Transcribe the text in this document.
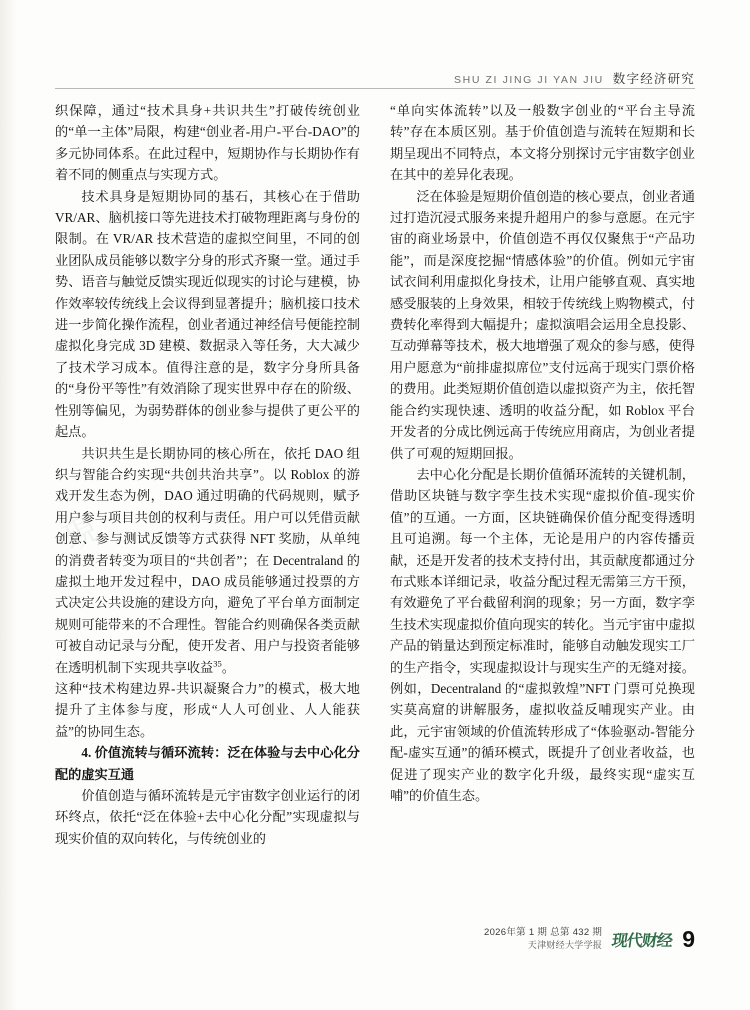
現
SHU ZI JING JI YAN JIU 数字经济研究

织保障，通过“技术具身+共识共生”打破传统创业的“单一主体”局限，构建“创业者-用户-平台-DAO”的多元协同体系。在此过程中，短期协作与长期协作有着不同的侧重点与实现方式。

技术具身是短期协同的基石，其核心在于借助 VR/AR、脑机接口等先进技术打破物理距离与身份的限制。在 VR/AR 技术营造的虚拟空间里，不同的创业团队成员能够以数字分身的形式齐聚一堂。通过手势、语音与触觉反馈实现近似现实的讨论与建模，协作效率较传统线上会议得到显著提升；脑机接口技术进一步简化操作流程，创业者通过神经信号便能控制虚拟化身完成 3D 建模、数据录入等任务，大大减少了技术学习成本。值得注意的是，数字分身所具备的“身份平等性”有效消除了现实世界中存在的阶级、性别等偏见，为弱势群体的创业参与提供了更公平的起点。

共识共生是长期协同的核心所在，依托 DAO 组织与智能合约实现“共创共治共享”。以 Roblox 的游戏开发生态为例，DAO 通过明确的代码规则，赋予用户参与项目共创的权利与责任。用户可以凭借贡献创意、参与测试反馈等方式获得 NFT 奖励，从单纯的消费者转变为项目的“共创者”；在 Decentraland 的虚拟土地开发过程中，DAO 成员能够通过投票的方式决定公共设施的建设方向，避免了平台单方面制定规则可能带来的不合理性。智能合约则确保各类贡献可被自动记录与分配，使开发者、用户与投资者能够在透明机制下实现共享收益$^{35}$。

这种“技术构建边界-共识凝聚合力”的模式，极大地提升了主体参与度，形成“人人可创业、人人能获益”的协同生态。

4. 价值流转与循环流转：泛在体验与去中心化分配的虚实互通

价值创造与循环流转是元宇宙数字创业运行的闭环终点，依托“泛在体验+去中心化分配”实现虚拟与现实价值的双向转化，与传统创业的

“单向实体流转”以及一般数字创业的“平台主导流转”存在本质区别。基于价值创造与流转在短期和长期呈现出不同特点，本文将分别探讨元宇宙数字创业在其中的差异化表现。

泛在体验是短期价值创造的核心要点，创业者通过打造沉浸式服务来提升超用户的参与意愿。在元宇宙的商业场景中，价值创造不再仅仅聚焦于“产品功能”，而是深度挖掘“情感体验”的价值。例如元宇宙试衣间利用虚拟化身技术，让用户能够直观、真实地感受服装的上身效果，相较于传统线上购物模式，付费转化率得到大幅提升；虚拟演唱会运用全息投影、互动弹幕等技术，极大地增强了观众的参与感，使得用户愿意为“前排虚拟席位”支付远高于现实门票价格的费用。此类短期价值创造以虚拟资产为主，依托智能合约实现快速、透明的收益分配，如 Roblox 平台开发者的分成比例远高于传统应用商店，为创业者提供了可观的短期回报。

去中心化分配是长期价值循环流转的关键机制，借助区块链与数字孪生技术实现“虚拟价值-现实价值”的互通。一方面，区块链确保价值分配变得透明且可追溯。每一个主体，无论是用户的内容传播贡献，还是开发者的技术支持付出，其贡献度都通过分布式账本详细记录，收益分配过程无需第三方干预，有效避免了平台截留利润的现象；另一方面，数字孪生技术实现虚拟价值向现实的转化。当元宇宙中虚拟产品的销量达到预定标准时，能够自动触发现实工厂的生产指令，实现虚拟设计与现实生产的无缝对接。例如，Decentraland 的“虚拟敦煌”NFT 门票可兑换现实莫高窟的讲解服务，虚拟收益反哺现实产业。由此，元宇宙领域的价值流转形成了“体验驱动-智能分配-虚实互通”的循环模式，既提升了创业者收益，也促进了现实产业的数字化升级，最终实现“虚实互哺”的价值生态。

2026年第 1 期 总第 432 期
天津财经大学学报 现代财经 9
